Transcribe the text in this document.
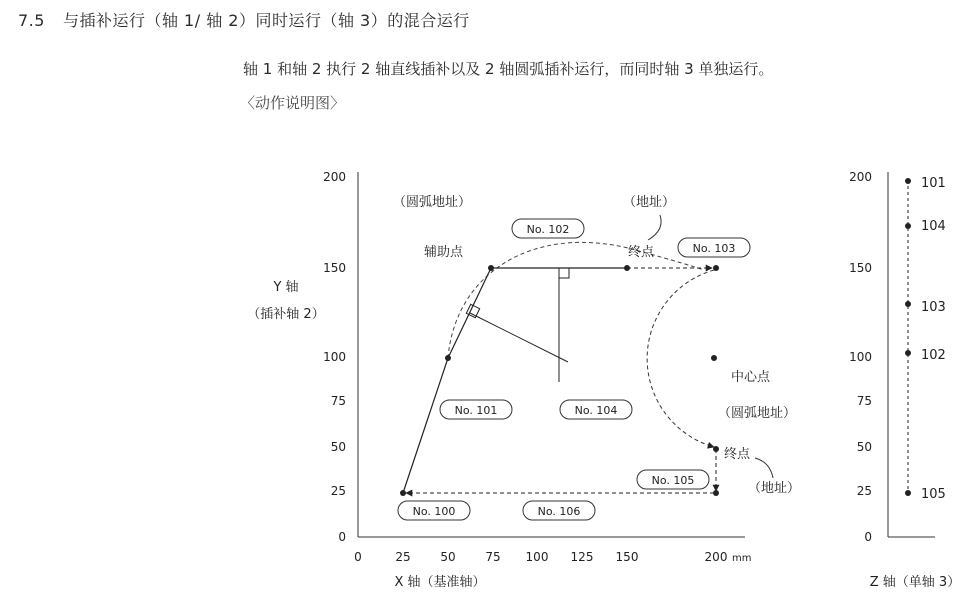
7.5 与插补运行（轴 1/ 轴 2）同时运行（轴 3）的混合运行
轴 1 和轴 2 执行 2 轴直线插补以及 2 轴圆弧插补运行，而同时轴 3 单独运行。
〈动作说明图〉
200
150
100
75
50
25
0
0	25 50 75 100 125 150	200 mm
Y 轴
（插补轴 2）
X 轴（基准轴）
（圆弧地址）
辅助点
（地址）
终点
中心点
（圆弧地址）
终点
（地址）
No. 102
No. 103
No. 101	No. 104
No. 105
No. 100	No. 106
200
150
100
75
50
25
0
101
104
103
102
105
Z 轴（单轴 3）
